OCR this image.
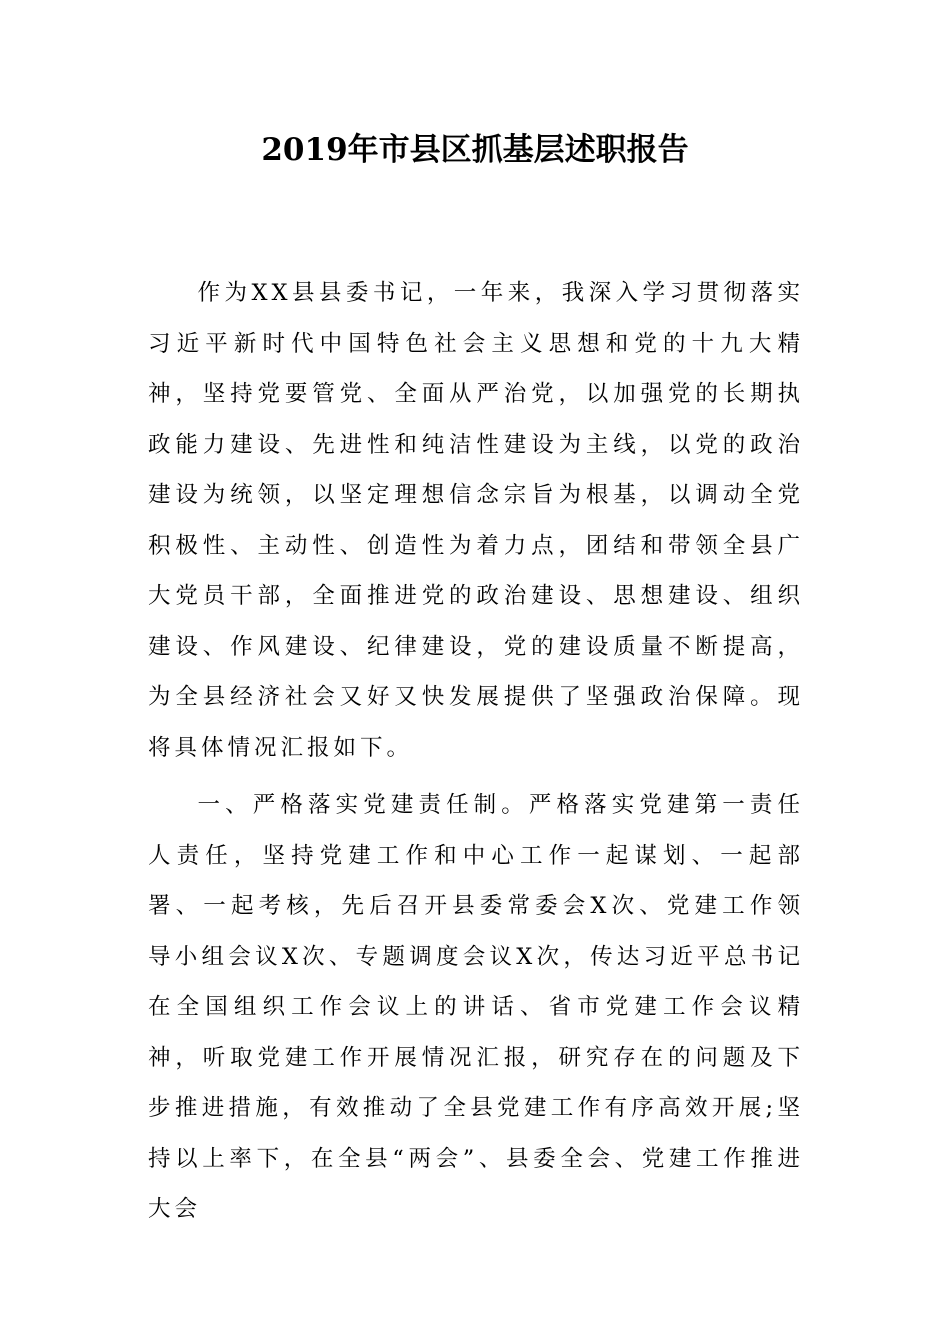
2019年市县区抓基层述职报告

作为XX县县委书记，一年来，我深入学习贯彻落实习近平新时代中国特色社会主义思想和党的十九大精神，坚持党要管党、全面从严治党，以加强党的长期执政能力建设、先进性和纯洁性建设为主线，以党的政治建设为统领，以坚定理想信念宗旨为根基，以调动全党积极性、主动性、创造性为着力点，团结和带领全县广大党员干部，全面推进党的政治建设、思想建设、组织建设、作风建设、纪律建设，党的建设质量不断提高，为全县经济社会又好又快发展提供了坚强政治保障。现将具体情况汇报如下。

一、严格落实党建责任制。严格落实党建第一责任人责任，坚持党建工作和中心工作一起谋划、一起部署、一起考核，先后召开县委常委会X次、党建工作领导小组会议X次、专题调度会议X次，传达习近平总书记在全国组织工作会议上的讲话、省市党建工作会议精神，听取党建工作开展情况汇报，研究存在的问题及下步推进措施，有效推动了全县党建工作有序高效开展;坚持以上率下，在全县“两会”、县委全会、党建工作推进大会
